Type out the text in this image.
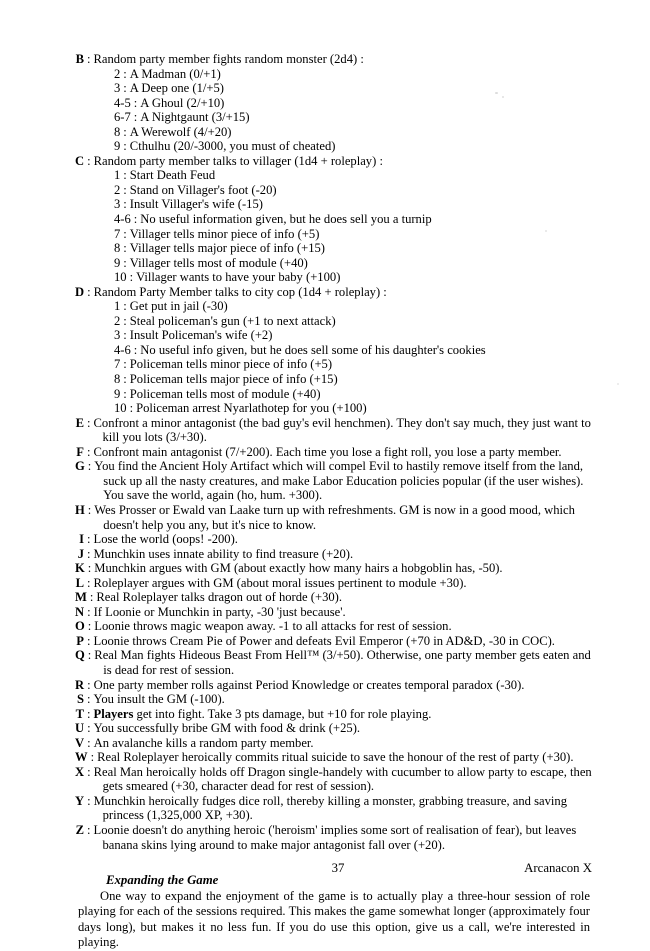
B : Random party member fights random monster (2d4) :
2 : A Madman (0/+1)
3 : A Deep one (1/+5)
4-5 : A Ghoul (2/+10)
6-7 : A Nightgaunt (3/+15)
8 : A Werewolf (4/+20)
9 : Cthulhu (20/-3000, you must of cheated)
C : Random party member talks to villager (1d4 + roleplay) :
1 : Start Death Feud
2 : Stand on Villager's foot (-20)
3 : Insult Villager's wife (-15)
4-6 : No useful information given, but he does sell you a turnip
7 : Villager tells minor piece of info (+5)
8 : Villager tells major piece of info (+15)
9 : Villager tells most of module (+40)
10 : Villager wants to have your baby (+100)
D : Random Party Member talks to city cop (1d4 + roleplay) :
1 : Get put in jail (-30)
2 : Steal policeman's gun (+1 to next attack)
3 : Insult Policeman's wife (+2)
4-6 : No useful info given, but he does sell some of his daughter's cookies
7 : Policeman tells minor piece of info (+5)
8 : Policeman tells major piece of info (+15)
9 : Policeman tells most of module (+40)
10 : Policeman arrest Nyarlathotep for you (+100)
E : Confront a minor antagonist (the bad guy's evil henchmen). They don't say much, they just want to kill you lots (3/+30).
F : Confront main antagonist (7/+200). Each time you lose a fight roll, you lose a party member.
G : You find the Ancient Holy Artifact which will compel Evil to hastily remove itself from the land, suck up all the nasty creatures, and make Labor Education policies popular (if the user wishes). You save the world, again (ho, hum. +300).
H : Wes Prosser or Ewald van Laake turn up with refreshments. GM is now in a good mood, which doesn't help you any, but it's nice to know.
I : Lose the world (oops! -200).
J : Munchkin uses innate ability to find treasure (+20).
K : Munchkin argues with GM (about exactly how many hairs a hobgoblin has, -50).
L : Roleplayer argues with GM (about moral issues pertinent to module +30).
M : Real Roleplayer talks dragon out of horde (+30).
N : If Loonie or Munchkin in party, -30 'just because'.
O : Loonie throws magic weapon away. -1 to all attacks for rest of session.
P : Loonie throws Cream Pie of Power and defeats Evil Emperor (+70 in AD&D, -30 in COC).
Q : Real Man fights Hideous Beast From Hell™ (3/+50). Otherwise, one party member gets eaten and is dead for rest of session.
R : One party member rolls against Period Knowledge or creates temporal paradox (-30).
S : You insult the GM (-100).
T : Players get into fight. Take 3 pts damage, but +10 for role playing.
U : You successfully bribe GM with food & drink (+25).
V : An avalanche kills a random party member.
W : Real Roleplayer heroically commits ritual suicide to save the honour of the rest of party (+30).
X : Real Man heroically holds off Dragon single-handely with cucumber to allow party to escape, then gets smeared (+30, character dead for rest of session).
Y : Munchkin heroically fudges dice roll, thereby killing a monster, grabbing treasure, and saving princess (1,325,000 XP, +30).
Z : Loonie doesn't do anything heroic ('heroism' implies some sort of realisation of fear), but leaves banana skins lying around to make major antagonist fall over (+20).
Expanding the Game

One way to expand the enjoyment of the game is to actually play a three-hour session of role playing for each of the sessions required. This makes the game somewhat longer (approximately four days long), but makes it no less fun. If you do use this option, give us a call, we're interested in playing.

37	Arcanacon X
